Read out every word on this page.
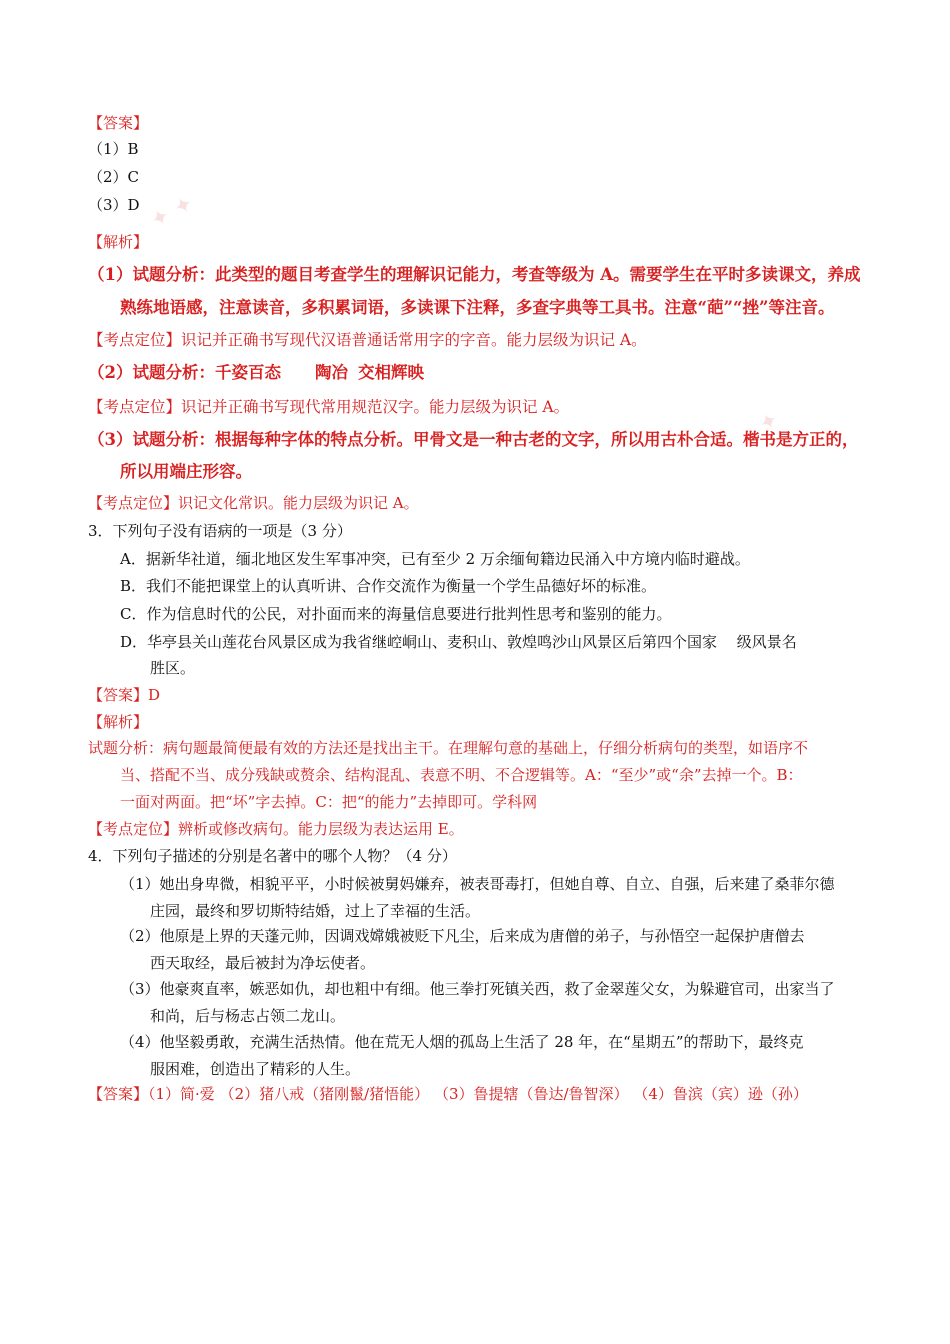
✦ ✦
✦
【答案】
（1）B
（2）C
（3）D
【解析】
（1）试题分析：此类型的题目考查学生的理解识记能力，考查等级为 A。需要学生在平时多读课文，养成
熟练地语感，注意读音，多积累词语，多读课下注释，多查字典等工具书。注意“葩”“挫”等注音。
【考点定位】识记并正确书写现代汉语普通话常用字的字音。能力层级为识记 A。
（2）试题分析：千姿百态 陶冶 交相辉映
【考点定位】识记并正确书写现代常用规范汉字。能力层级为识记 A。
（3）试题分析：根据每种字体的特点分析。甲骨文是一种古老的文字，所以用古朴合适。楷书是方正的，
所以用端庄形容。
【考点定位】识记文化常识。能力层级为识记 A。
3．下列句子没有语病的一项是（3 分）
A．据新华社道，缅北地区发生军事冲突，已有至少 2 万余缅甸籍边民涌入中方境内临时避战。
B．我们不能把课堂上的认真听讲、合作交流作为衡量一个学生品德好坏的标准。
C．作为信息时代的公民，对扑面而来的海量信息要进行批判性思考和鉴别的能力。
D．华亭县关山莲花台风景区成为我省继崆峒山、麦积山、敦煌鸣沙山风景区后第四个国家 　级风景名
胜区。
【答案】D
【解析】
试题分析：病句题最简便最有效的方法还是找出主干。在理解句意的基础上，仔细分析病句的类型，如语序不
当、搭配不当、成分残缺或赘余、结构混乱、表意不明、不合逻辑等。A：“至少”或“余”去掉一个。B：
一面对两面。把“坏”字去掉。C：把“的能力”去掉即可。学科网
【考点定位】辨析或修改病句。能力层级为表达运用 E。
4．下列句子描述的分别是名著中的哪个人物？（4 分）
（1）她出身卑微，相貌平平，小时候被舅妈嫌弃，被表哥毒打，但她自尊、自立、自强，后来建了桑菲尔德
庄园，最终和罗切斯特结婚，过上了幸福的生活。
（2）他原是上界的天蓬元帅，因调戏嫦娥被贬下凡尘，后来成为唐僧的弟子，与孙悟空一起保护唐僧去
西天取经，最后被封为净坛使者。
（3）他豪爽直率，嫉恶如仇，却也粗中有细。他三拳打死镇关西，救了金翠莲父女，为躲避官司，出家当了
和尚，后与杨志占领二龙山。
（4）他坚毅勇敢，充满生活热情。他在荒无人烟的孤岛上生活了 28 年，在“星期五”的帮助下，最终克
服困难，创造出了精彩的人生。
【答案】（1）简·爱 （2）猪八戒（猪刚鬣/猪悟能） （3）鲁提辖（鲁达/鲁智深） （4）鲁滨（宾）逊（孙）
